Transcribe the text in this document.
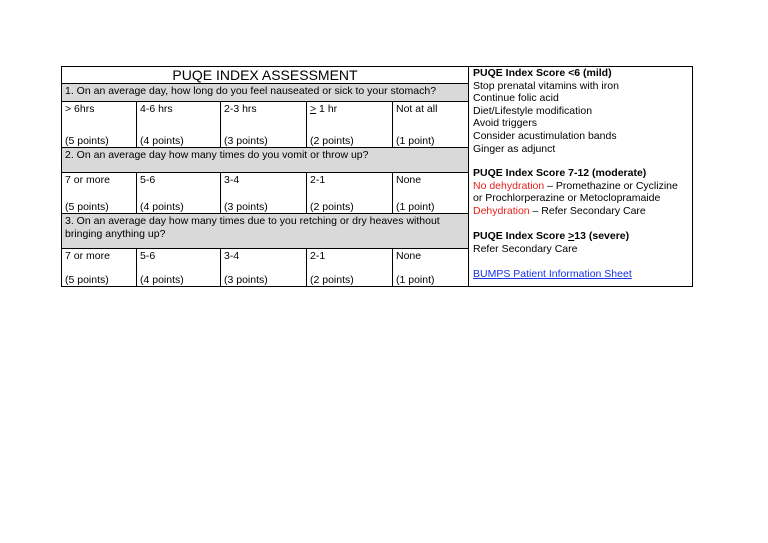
PUQE INDEX ASSESSMENT
1. On an average day, how long do you feel nauseated or sick to your stomach?
> 6hrs
(5 points)
4-6 hrs
(4 points)
2-3 hrs
(3 points)
≥ 1 hr
(2 points)
Not at all
(1 point)
2. On an average day how many times do you vomit or throw up?
7 or more
(5 points)
5-6
(4 points)
3-4
(3 points)
2-1
(2 points)
None
(1 point)
3. On an average day how many times due to you retching or dry heaves without bringing anything up?
7 or more
(5 points)
5-6
(4 points)
3-4
(3 points)
2-1
(2 points)
None
(1 point)
PUQE Index Score <6 (mild)
Stop prenatal vitamins with iron
Continue folic acid
Diet/Lifestyle modification
Avoid triggers
Consider acustimulation bands
Ginger as adjunct
PUQE Index Score 7-12 (moderate)
No dehydration – Promethazine or Cyclizine
or Prochlorperazine or Metoclopramaide
Dehydration – Refer Secondary Care
PUQE Index Score ≥13 (severe)
Refer Secondary Care
BUMPS Patient Information Sheet
